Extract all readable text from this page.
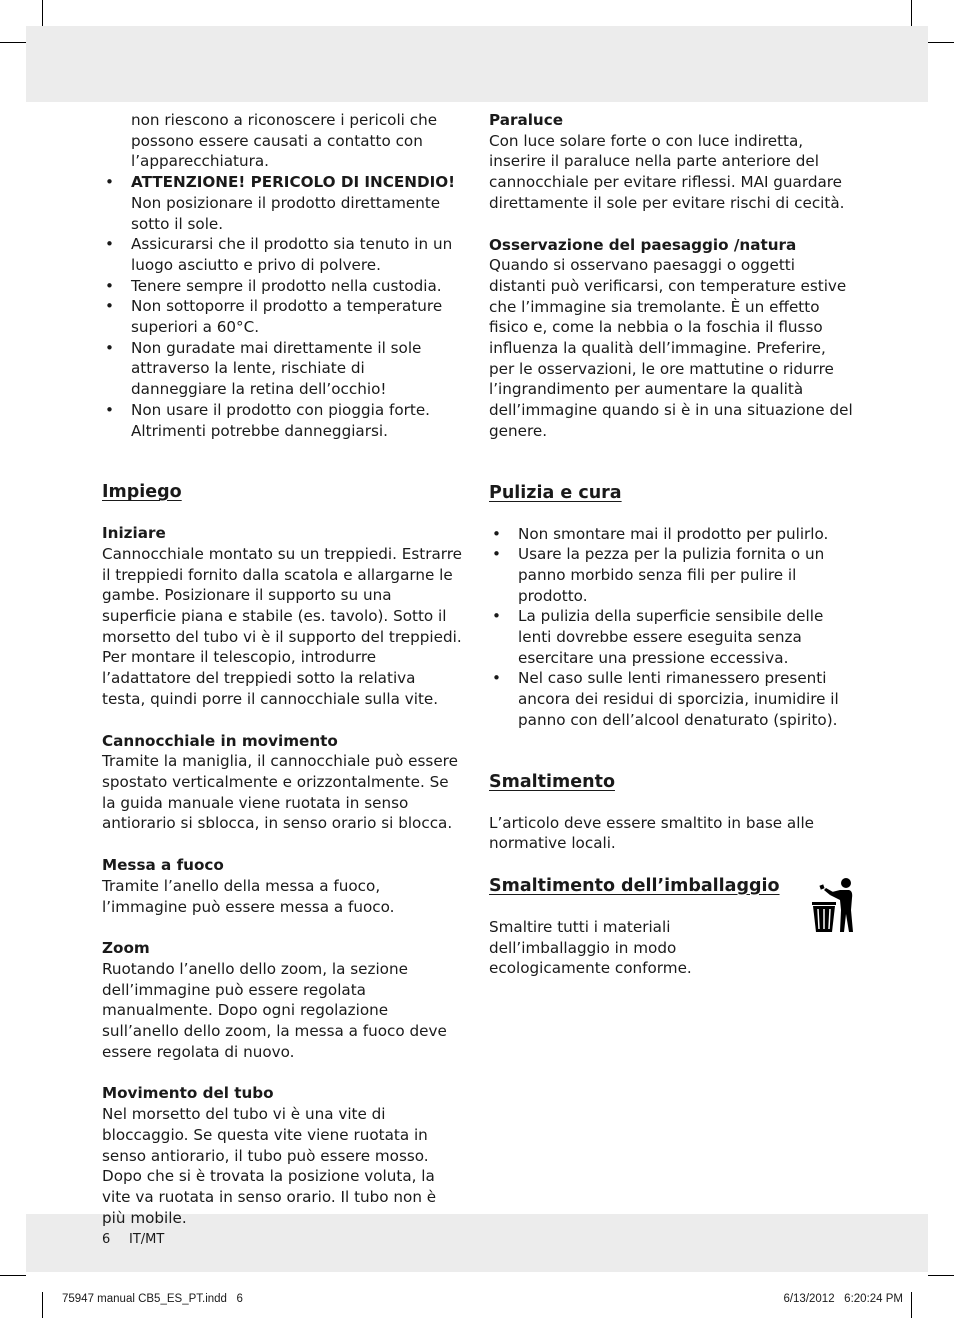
non riescono a riconoscere i pericoli che possono essere causati a contatto con l’apparecchiatura.

• ATTENZIONE! PERICOLO DI INCENDIO! Non posizionare il prodotto direttamente sotto il sole.
• Assicurarsi che il prodotto sia tenuto in un luogo asciutto e privo di polvere.
• Tenere sempre il prodotto nella custodia.
• Non sottoporre il prodotto a temperature superiori a 60°C.
• Non guradate mai direttamente il sole attraverso la lente, rischiate di danneggiare la retina dell’occhio!
• Non usare il prodotto con pioggia forte. Altrimenti potrebbe danneggiarsi.
Impiego
Iniziare

Cannocchiale montato su un treppiedi. Estrarre il treppiedi fornito dalla scatola e allargarne le gambe. Posizionare il supporto su una superficie piana e stabile (es. tavolo). Sotto il morsetto del tubo vi è il supporto del treppiedi. Per montare il telescopio, introdurre l’adattatore del treppiedi sotto la relativa testa, quindi porre il cannocchiale sulla vite.

Cannocchiale in movimento

Tramite la maniglia, il cannocchiale può essere spostato verticalmente e orizzontalmente. Se la guida manuale viene ruotata in senso antiorario si sblocca, in senso orario si blocca.

Messa a fuoco

Tramite l’anello della messa a fuoco, l’immagine può essere messa a fuoco.

Zoom

Ruotando l’anello dello zoom, la sezione dell’immagine può essere regolata manualmente. Dopo ogni regolazione sull’anello dello zoom, la messa a fuoco deve essere regolata di nuovo.

Movimento del tubo

Nel morsetto del tubo vi è una vite di bloccaggio. Se questa vite viene ruotata in senso antiorario, il tubo può essere mosso. Dopo che si è trovata la posizione voluta, la vite va ruotata in senso orario. Il tubo non è più mobile.

Paraluce

Con luce solare forte o con luce indiretta, inserire il paraluce nella parte anteriore del cannocchiale per evitare riflessi. MAI guardare direttamente il sole per evitare rischi di cecità.

Osservazione del paesaggio /natura

Quando si osservano paesaggi o oggetti distanti può verificarsi, con temperature estive che l’immagine sia tremolante. È un effetto fisico e, come la nebbia o la foschia il flusso influenza la qualità dell’immagine. Preferire, per le osservazioni, le ore mattutine o ridurre l’ingrandimento per aumentare la qualità dell’immagine quando si è in una situazione del genere.

Pulizia e cura
• Non smontare mai il prodotto per pulirlo.
• Usare la pezza per la pulizia fornita o un panno morbido senza fili per pulire il prodotto.
• La pulizia della superficie sensibile delle lenti dovrebbe essere eseguita senza esercitare una pressione eccessiva.
• Nel caso sulle lenti rimanessero presenti ancora dei residui di sporcizia, inumidire il panno con dell’alcool denaturato (spirito).
Smaltimento

L’articolo deve essere smaltito in base alle normative locali.

Smaltimento dell’imballaggio

Smaltire tutti i materiali dell’imballaggio in modo ecologicamente conforme.

6 IT/MT
75947 manual CB5_ES_PT.indd   6	6/13/2012   6:20:24 PM
